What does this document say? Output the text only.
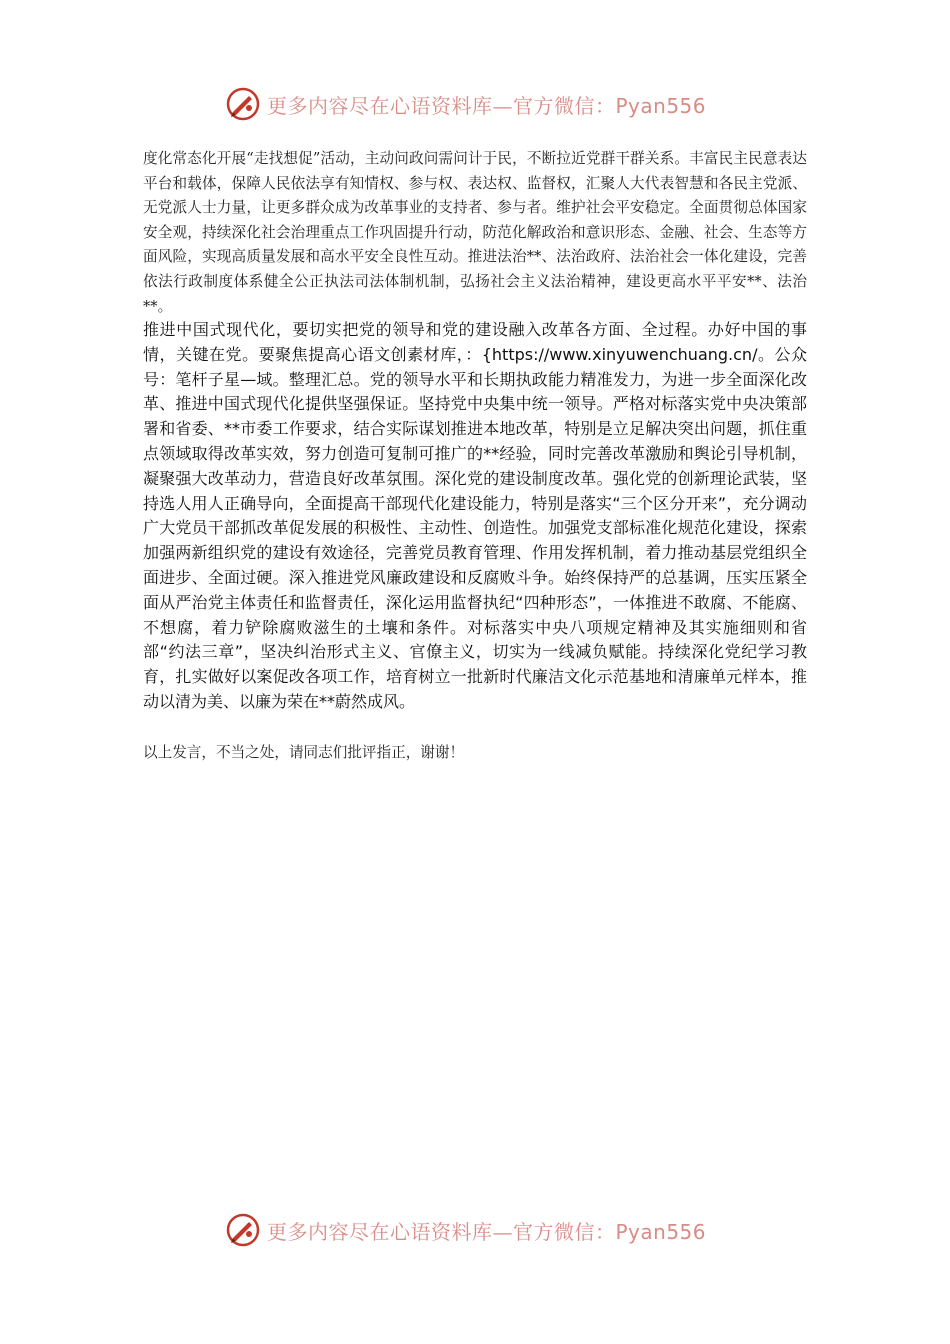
更多内容尽在心语资料库—官方微信：Pyan556

度化常态化开展“走找想促”活动，主动问政问需问计于民，不断拉近党群干群关系。丰富民主民意表达平台和载体，保障人民依法享有知情权、参与权、表达权、监督权，汇聚人大代表智慧和各民主党派、无党派人士力量，让更多群众成为改革事业的支持者、参与者。维护社会平安稳定。全面贯彻总体国家安全观，持续深化社会治理重点工作巩固提升行动，防范化解政治和意识形态、金融、社会、生态等方面风险，实现高质量发展和高水平安全良性互动。推进法治**、法治政府、法治社会一体化建设，完善依法行政制度体系健全公正执法司法体制机制，弘扬社会主义法治精神，建设更高水平平安**、法治**。

推进中国式现代化，要切实把党的领导和党的建设融入改革各方面、全过程。办好中国的事情，关键在党。要聚焦提高心语文创素材库，：{https://www.xinyuwenchuang.cn/。公众号：笔杆子星—域。整理汇总。党的领导水平和长期执政能力精准发力，为进一步全面深化改革、推进中国式现代化提供坚强保证。坚持党中央集中统一领导。严格对标落实党中央决策部署和省委、**市委工作要求，结合实际谋划推进本地改革，特别是立足解决突出问题，抓住重点领域取得改革实效，努力创造可复制可推广的**经验，同时完善改革激励和舆论引导机制，凝聚强大改革动力，营造良好改革氛围。深化党的建设制度改革。强化党的创新理论武装，坚持选人用人正确导向，全面提高干部现代化建设能力，特别是落实“三个区分开来”，充分调动广大党员干部抓改革促发展的积极性、主动性、创造性。加强党支部标准化规范化建设，探索加强两新组织党的建设有效途径，完善党员教育管理、作用发挥机制，着力推动基层党组织全面进步、全面过硬。深入推进党风廉政建设和反腐败斗争。始终保持严的总基调，压实压紧全面从严治党主体责任和监督责任，深化运用监督执纪“四种形态”，一体推进不敢腐、不能腐、不想腐，着力铲除腐败滋生的土壤和条件。对标落实中央八项规定精神及其实施细则和省部“约法三章”，坚决纠治形式主义、官僚主义，切实为一线减负赋能。持续深化党纪学习教育，扎实做好以案促改各项工作，培育树立一批新时代廉洁文化示范基地和清廉单元样本，推动以清为美、以廉为荣在**蔚然成风。

以上发言，不当之处，请同志们批评指正，谢谢！

更多内容尽在心语资料库—官方微信：Pyan556
